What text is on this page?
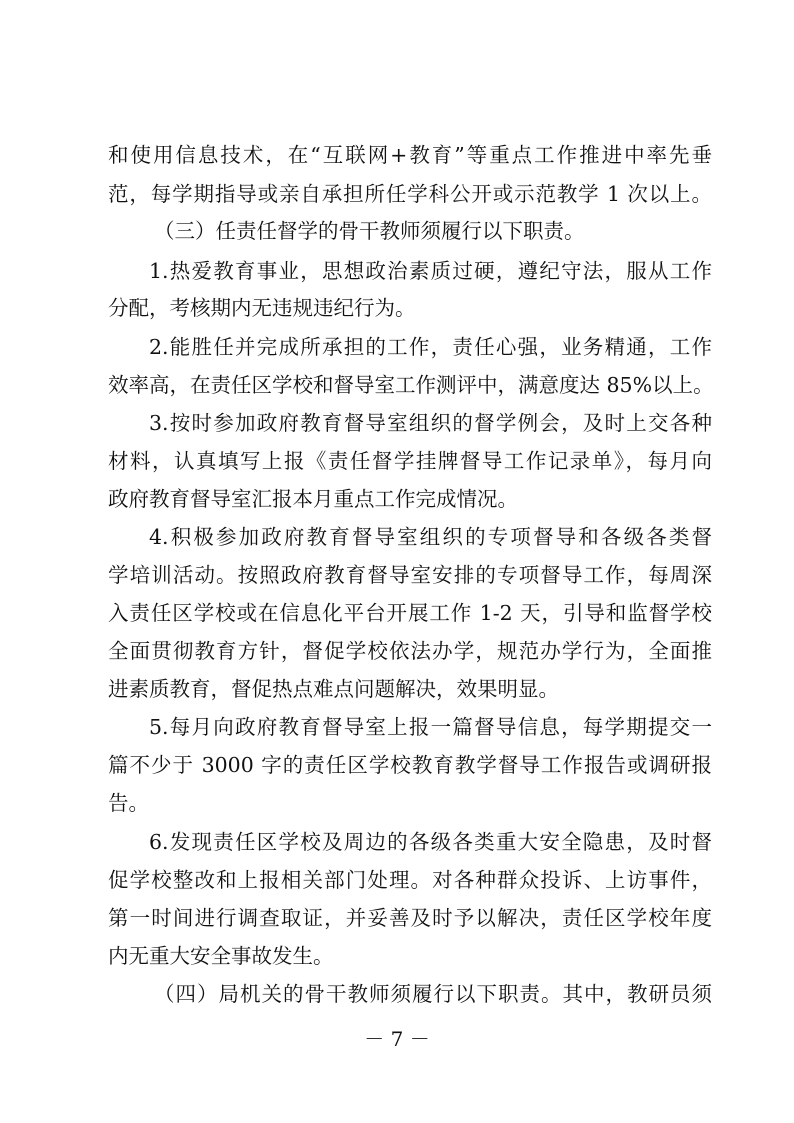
和使用信息技术，在“互联网+教育”等重点工作推进中率先垂
范，每学期指导或亲自承担所任学科公开或示范教学 1 次以上。
（三）任责任督学的骨干教师须履行以下职责。
1.热爱教育事业，思想政治素质过硬，遵纪守法，服从工作
分配，考核期内无违规违纪行为。
2.能胜任并完成所承担的工作，责任心强，业务精通，工作
效率高，在责任区学校和督导室工作测评中，满意度达 85%以上。
3.按时参加政府教育督导室组织的督学例会，及时上交各种
材料，认真填写上报《责任督学挂牌督导工作记录单》，每月向
政府教育督导室汇报本月重点工作完成情况。
4.积极参加政府教育督导室组织的专项督导和各级各类督
学培训活动。按照政府教育督导室安排的专项督导工作，每周深
入责任区学校或在信息化平台开展工作 1-2 天，引导和监督学校
全面贯彻教育方针，督促学校依法办学，规范办学行为，全面推
进素质教育，督促热点难点问题解决，效果明显。
5.每月向政府教育督导室上报一篇督导信息，每学期提交一
篇不少于 3000 字的责任区学校教育教学督导工作报告或调研报
告。
6.发现责任区学校及周边的各级各类重大安全隐患，及时督
促学校整改和上报相关部门处理。对各种群众投诉、上访事件，
第一时间进行调查取证，并妥善及时予以解决，责任区学校年度
内无重大安全事故发生。
（四）局机关的骨干教师须履行以下职责。其中，教研员须
－ 7 －
